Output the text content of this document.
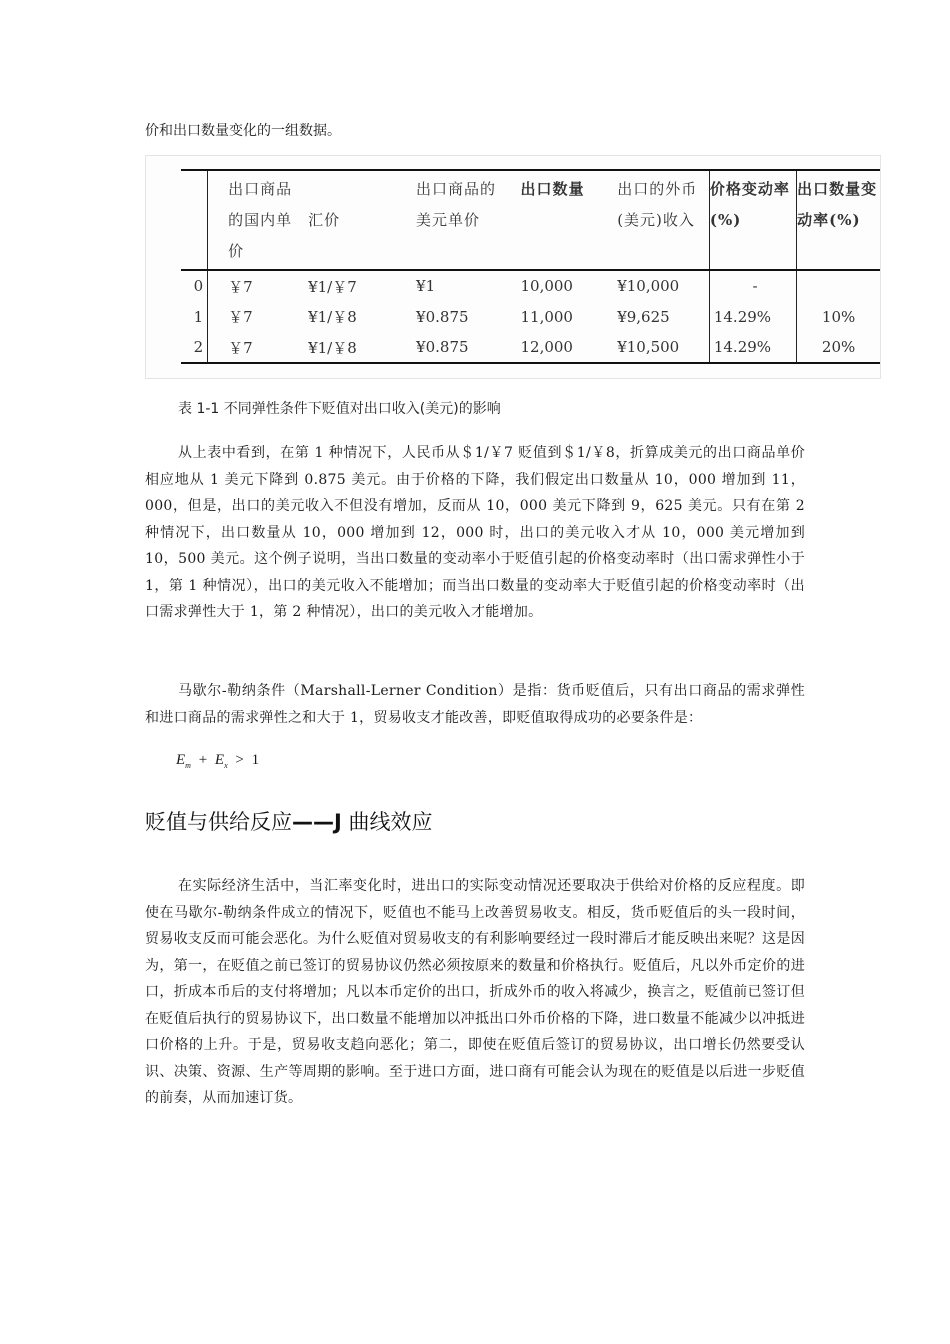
价和出口数量变化的一组数据。
	出口商品的国内单价	汇价	出口商品的美元单价	出口数量	出口的外币(美元)收入	价格变动率(%)	出口数量变动率(%)
0	￥7	¥1/￥7	¥1	10,000	¥10,000	-	
1	￥7	¥1/￥8	¥0.875	11,000	¥9,625	14.29%	10%
2	￥7	¥1/￥8	¥0.875	12,000	¥10,500	14.29%	20%
表 1-1 不同弹性条件下贬值对出口收入(美元)的影响
从上表中看到，在第 1 种情况下，人民币从＄1/￥7 贬值到＄1/￥8，折算成美元的出口商品单价相应地从 1 美元下降到 0.875 美元。由于价格的下降，我们假定出口数量从 10，000 增加到 11，000，但是，出口的美元收入不但没有增加，反而从 10，000 美元下降到 9，625 美元。只有在第 2 种情况下，出口数量从 10，000 增加到 12，000 时，出口的美元收入才从 10，000 美元增加到 10，500 美元。这个例子说明，当出口数量的变动率小于贬值引起的价格变动率时（出口需求弹性小于 1，第 1 种情况），出口的美元收入不能增加；而当出口数量的变动率大于贬值引起的价格变动率时（出口需求弹性大于 1，第 2 种情况），出口的美元收入才能增加。
马歇尔-勒纳条件（Marshall-Lerner Condition）是指：货币贬值后，只有出口商品的需求弹性和进口商品的需求弹性之和大于 1，贸易收支才能改善，即贬值取得成功的必要条件是：
$E_m + E_x > 1$
贬值与供给反应——J 曲线效应
在实际经济生活中，当汇率变化时，进出口的实际变动情况还要取决于供给对价格的反应程度。即使在马歇尔-勒纳条件成立的情况下，贬值也不能马上改善贸易收支。相反，货币贬值后的头一段时间，贸易收支反而可能会恶化。为什么贬值对贸易收支的有利影响要经过一段时滞后才能反映出来呢？这是因为，第一，在贬值之前已签订的贸易协议仍然必须按原来的数量和价格执行。贬值后，凡以外币定价的进口，折成本币后的支付将增加；凡以本币定价的出口，折成外币的收入将减少，换言之，贬值前已签订但在贬值后执行的贸易协议下，出口数量不能增加以冲抵出口外币价格的下降，进口数量不能减少以冲抵进口价格的上升。于是，贸易收支趋向恶化；第二，即使在贬值后签订的贸易协议，出口增长仍然要受认识、决策、资源、生产等周期的影响。至于进口方面，进口商有可能会认为现在的贬值是以后进一步贬值的前奏，从而加速订货。
